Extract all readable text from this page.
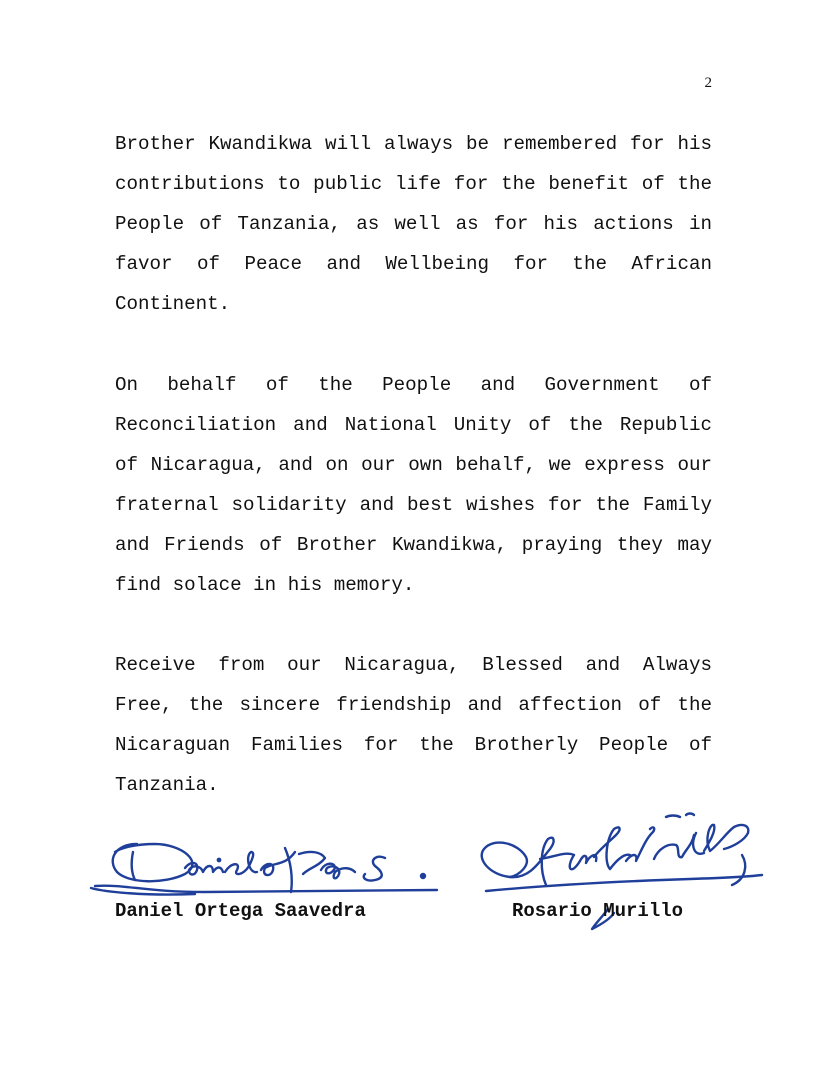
2

Brother Kwandikwa will always be remembered for his contributions to public life for the benefit of the People of Tanzania, as well as for his actions in favor of Peace and Wellbeing for the African Continent.

On behalf of the People and Government of Reconciliation and National Unity of the Republic of Nicaragua, and on our own behalf, we express our fraternal solidarity and best wishes for the Family and Friends of Brother Kwandikwa, praying they may find solace in his memory.

Receive from our Nicaragua, Blessed and Always Free, the sincere friendship and affection of the Nicaraguan Families for the Brotherly People of Tanzania.

Daniel Ortega Saavedra	Rosario Murillo
